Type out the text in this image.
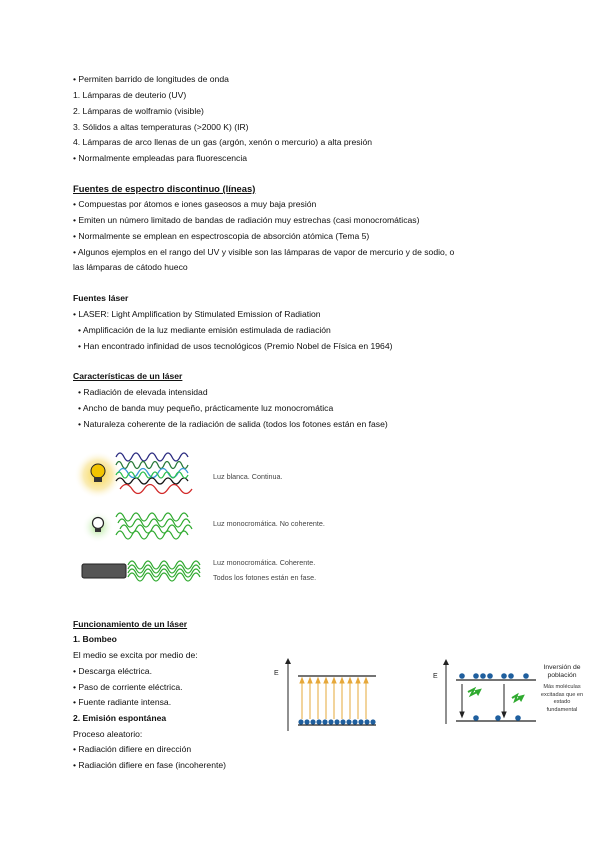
• Permiten barrido de longitudes de onda
1. Lámparas de deuterio (UV)
2. Lámparas de wolframio (visible)
3. Sólidos a altas temperaturas (>2000 K) (IR)
4. Lámparas de arco llenas de un gas (argón, xenón o mercurio) a alta presión
• Normalmente empleadas para fluorescencia
Fuentes de espectro discontinuo (líneas)
• Compuestas por átomos e iones gaseosos a muy baja presión
• Emiten un número limitado de bandas de radiación muy estrechas (casi monocromáticas)
• Normalmente se emplean en espectroscopia de absorción atómica (Tema 5)
• Algunos ejemplos en el rango del UV y visible son las lámparas de vapor de mercurio y de sodio, o
las lámparas de cátodo hueco
Fuentes láser
• LASER: Light Amplification by Stimulated Emission of Radiation
• Amplificación de la luz mediante emisión estimulada de radiación
• Han encontrado infinidad de usos tecnológicos (Premio Nobel de Física en 1964)
Características de un láser
• Radiación de elevada intensidad
• Ancho de banda muy pequeño, prácticamente luz monocromática
• Naturaleza coherente de la radiación de salida (todos los fotones están en fase)
Luz blanca. Continua.
Luz monocromática. No coherente.
Luz monocromática. Coherente.
Todos los fotones están en fase.
Funcionamiento de un láser
1. Bombeo
El medio se excita por medio de:
• Descarga eléctrica.
• Paso de corriente eléctrica.
• Fuente radiante intensa.
2. Emisión espontánea
Proceso aleatorio:
• Radiación difiere en dirección
• Radiación difiere en fase (incoherente)
E	E
Inversión de
población
Más moléculas
excitadas que en
estado
fundamental
